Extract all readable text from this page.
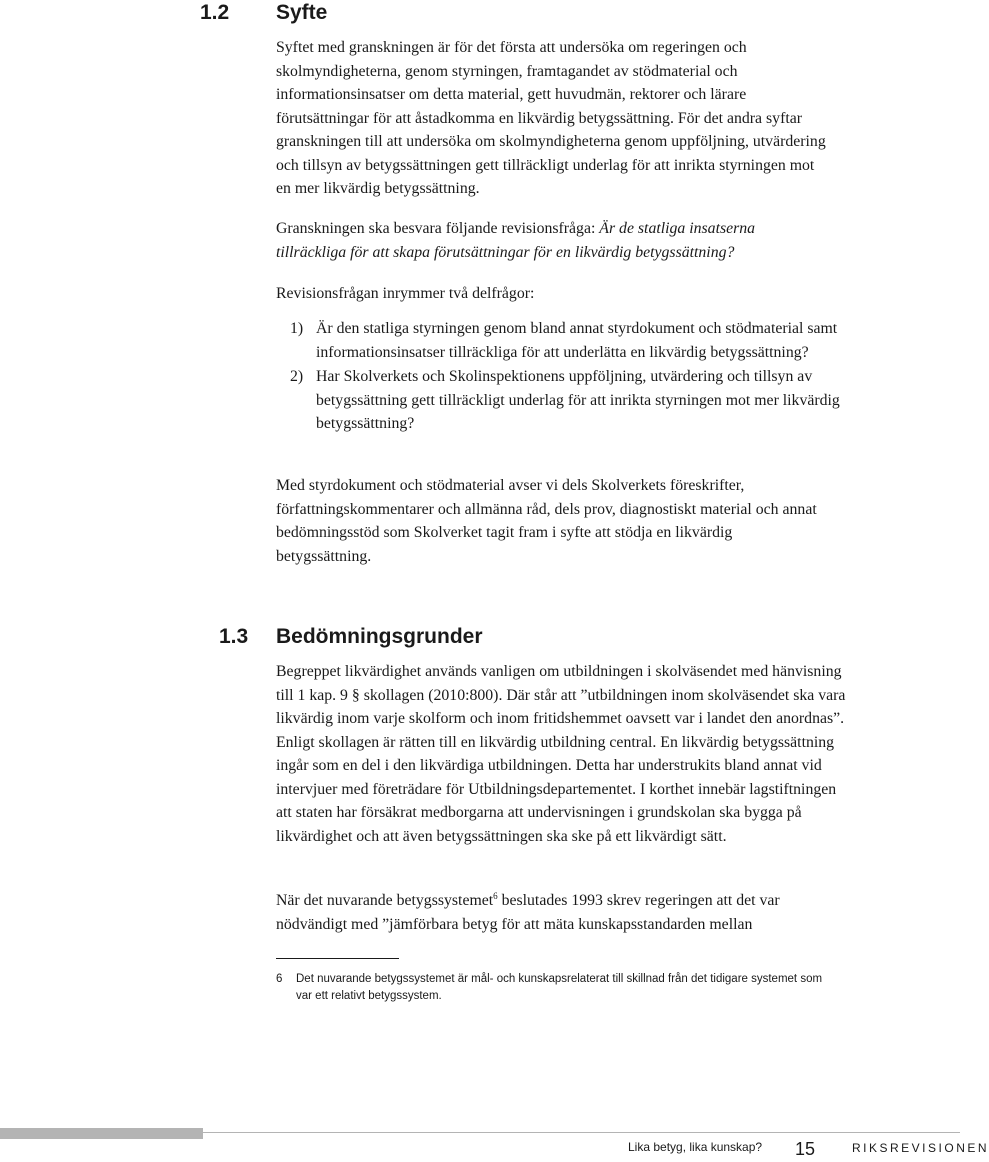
1.2 Syfte

Syftet med granskningen är för det första att undersöka om regeringen och skolmyndigheterna, genom styrningen, framtagandet av stödmaterial och informationsinsatser om detta material, gett huvudmän, rektorer och lärare förutsättningar för att åstadkomma en likvärdig betygssättning. För det andra syftar granskningen till att undersöka om skolmyndigheterna genom uppföljning, utvärdering och tillsyn av betygssättningen gett tillräckligt underlag för att inrikta styrningen mot en mer likvärdig betygssättning.

Granskningen ska besvara följande revisionsfråga: Är de statliga insatserna tillräckliga för att skapa förutsättningar för en likvärdig betygssättning?

Revisionsfrågan inrymmer två delfrågor:

1) Är den statliga styrningen genom bland annat styrdokument och stödmaterial samt informationsinsatser tillräckliga för att underlätta en likvärdig betygssättning?
2) Har Skolverkets och Skolinspektionens uppföljning, utvärdering och tillsyn av betygssättning gett tillräckligt underlag för att inrikta styrningen mot mer likvärdig betygssättning?

Med styrdokument och stödmaterial avser vi dels Skolverkets föreskrifter, författningskommentarer och allmänna råd, dels prov, diagnostiskt material och annat bedömningsstöd som Skolverket tagit fram i syfte att stödja en likvärdig betygssättning.

1.3 Bedömningsgrunder

Begreppet likvärdighet används vanligen om utbildningen i skolväsendet med hänvisning till 1 kap. 9 § skollagen (2010:800). Där står att ”utbildningen inom skolväsendet ska vara likvärdig inom varje skolform och inom fritidshemmet oavsett var i landet den anordnas”. Enligt skollagen är rätten till en likvärdig utbildning central. En likvärdig betygssättning ingår som en del i den likvärdiga utbildningen. Detta har understrukits bland annat vid intervjuer med företrädare för Utbildningsdepartementet. I korthet innebär lagstiftningen att staten har försäkrat medborgarna att undervisningen i grundskolan ska bygga på likvärdighet och att även betygssättningen ska ske på ett likvärdigt sätt.

När det nuvarande betygssystemet$^6$ beslutades 1993 skrev regeringen att det var nödvändigt med ”jämförbara betyg för att mäta kunskapsstandarden mellan

6	Det nuvarande betygssystemet är mål- och kunskapsrelaterat till skillnad från det tidigare systemet som var ett relativt betygssystem.
Lika betyg, lika kunskap? 15	RIKSREVISIONEN
